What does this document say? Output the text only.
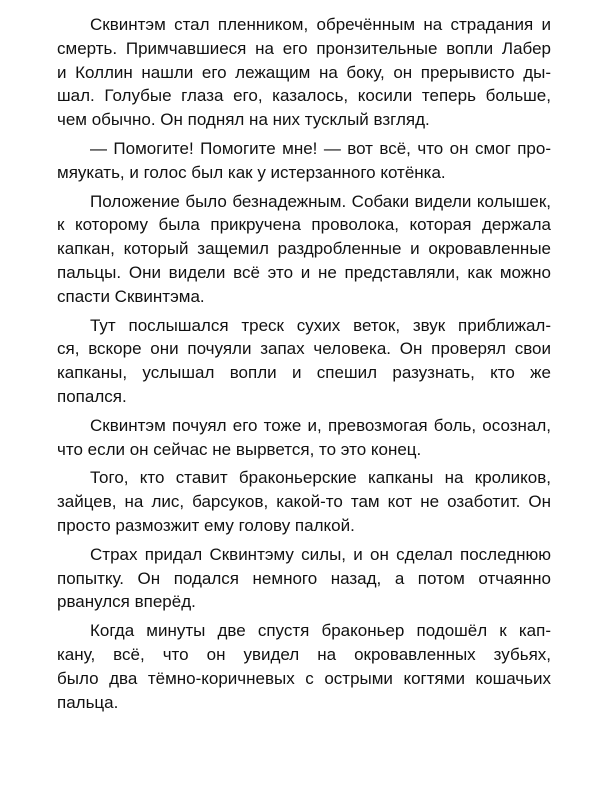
Сквинтэм стал пленником, обречённым на страдания и
смерть. Примчавшиеся на его пронзительные вопли Лабер
и Коллин нашли его лежащим на боку, он прерывисто ды-
шал. Голубые глаза его, казалось, косили теперь больше,
чем обычно. Он поднял на них тусклый взгляд.

— Помогите! Помогите мне! — вот всё, что он смог про-
мяукать, и голос был как у истерзанного котёнка.

Положение было безнадежным. Собаки видели колышек,
к которому была прикручена проволока, которая держала
капкан, который защемил раздробленные и окровавленные
пальцы. Они видели всё это и не представляли, как можно
спасти Сквинтэма.

Тут послышался треск сухих веток, звук приближал-
ся, вскоре они почуяли запах человека. Он проверял свои
капканы, услышал вопли и спешил разузнать, кто же
попался.

Сквинтэм почуял его тоже и, превозмогая боль, осознал,
что если он сейчас не вырвется, то это конец.

Того, кто ставит браконьерские капканы на кроликов,
зайцев, на лис, барсуков, какой-то там кот не озаботит. Он
просто размозжит ему голову палкой.

Страх придал Сквинтэму силы, и он сделал последнюю
попытку. Он подался немного назад, а потом отчаянно
рванулся вперёд.

Когда минуты две спустя браконьер подошёл к кап-
кану, всё, что он увидел на окровавленных зубьях,
было два тёмно-коричневых с острыми когтями кошачьих
пальца.
